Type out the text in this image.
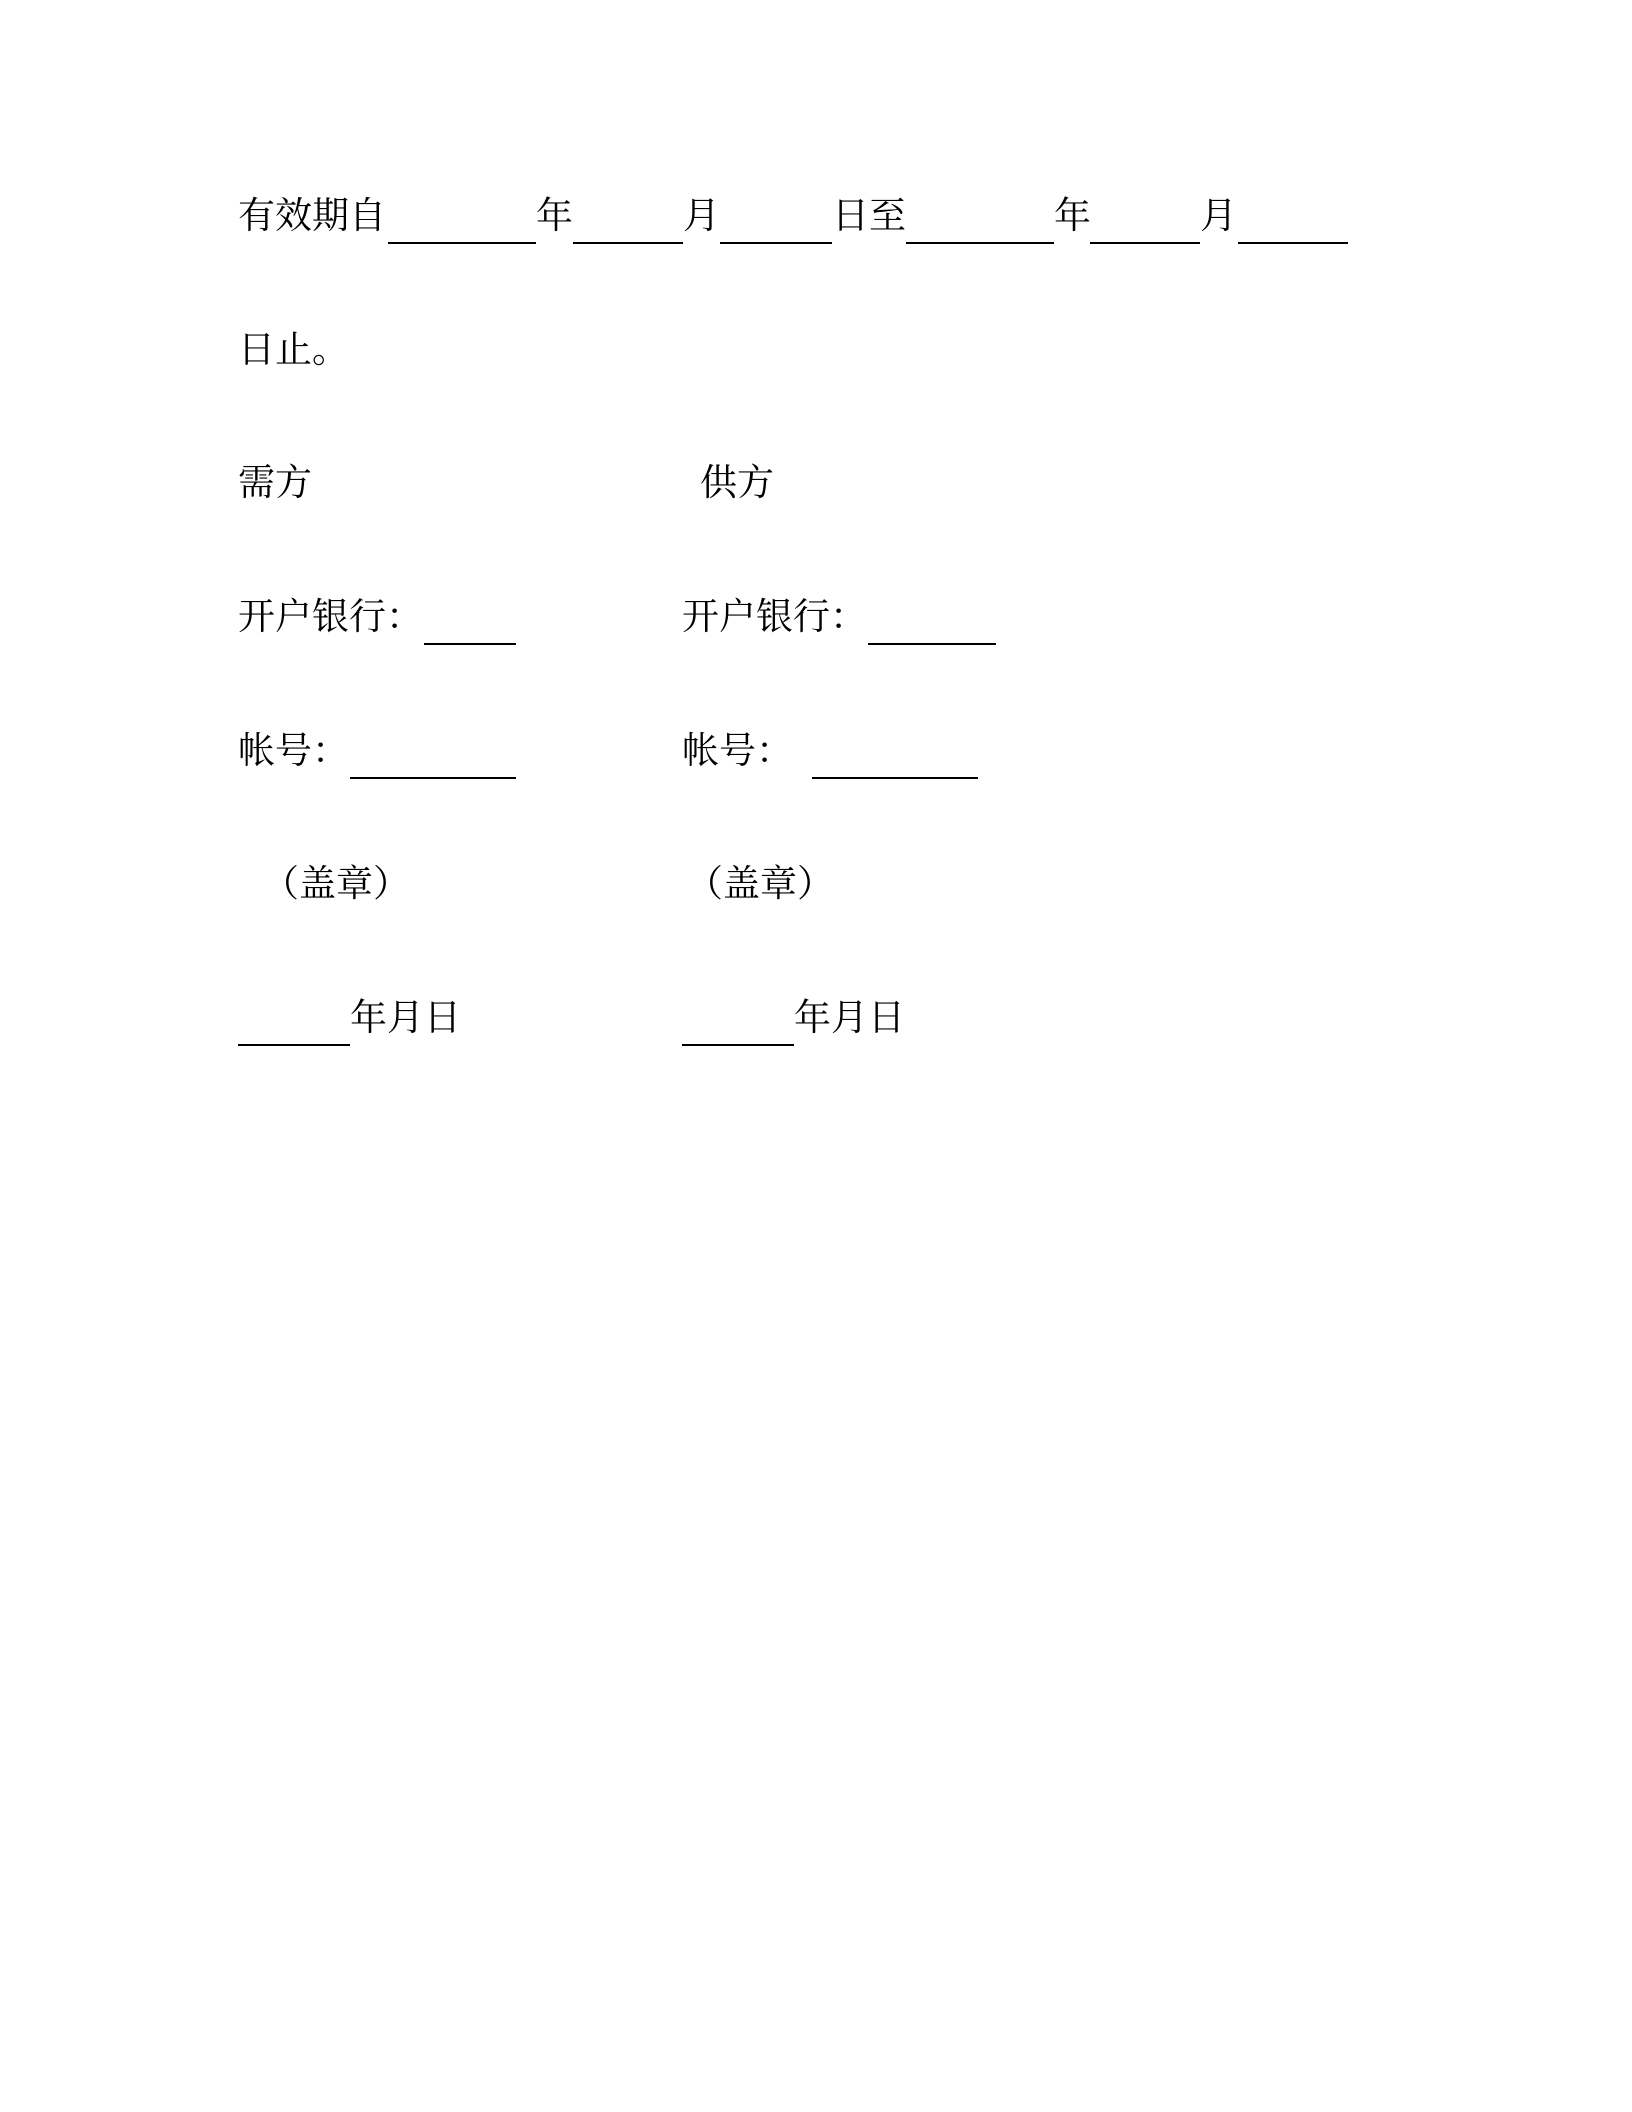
有效期自	年	月	日至	年	月
日止。
需方	供方
开户银行：	开户银行：
帐号：	帐号：
（盖章）	（盖章）
年月日	年月日
